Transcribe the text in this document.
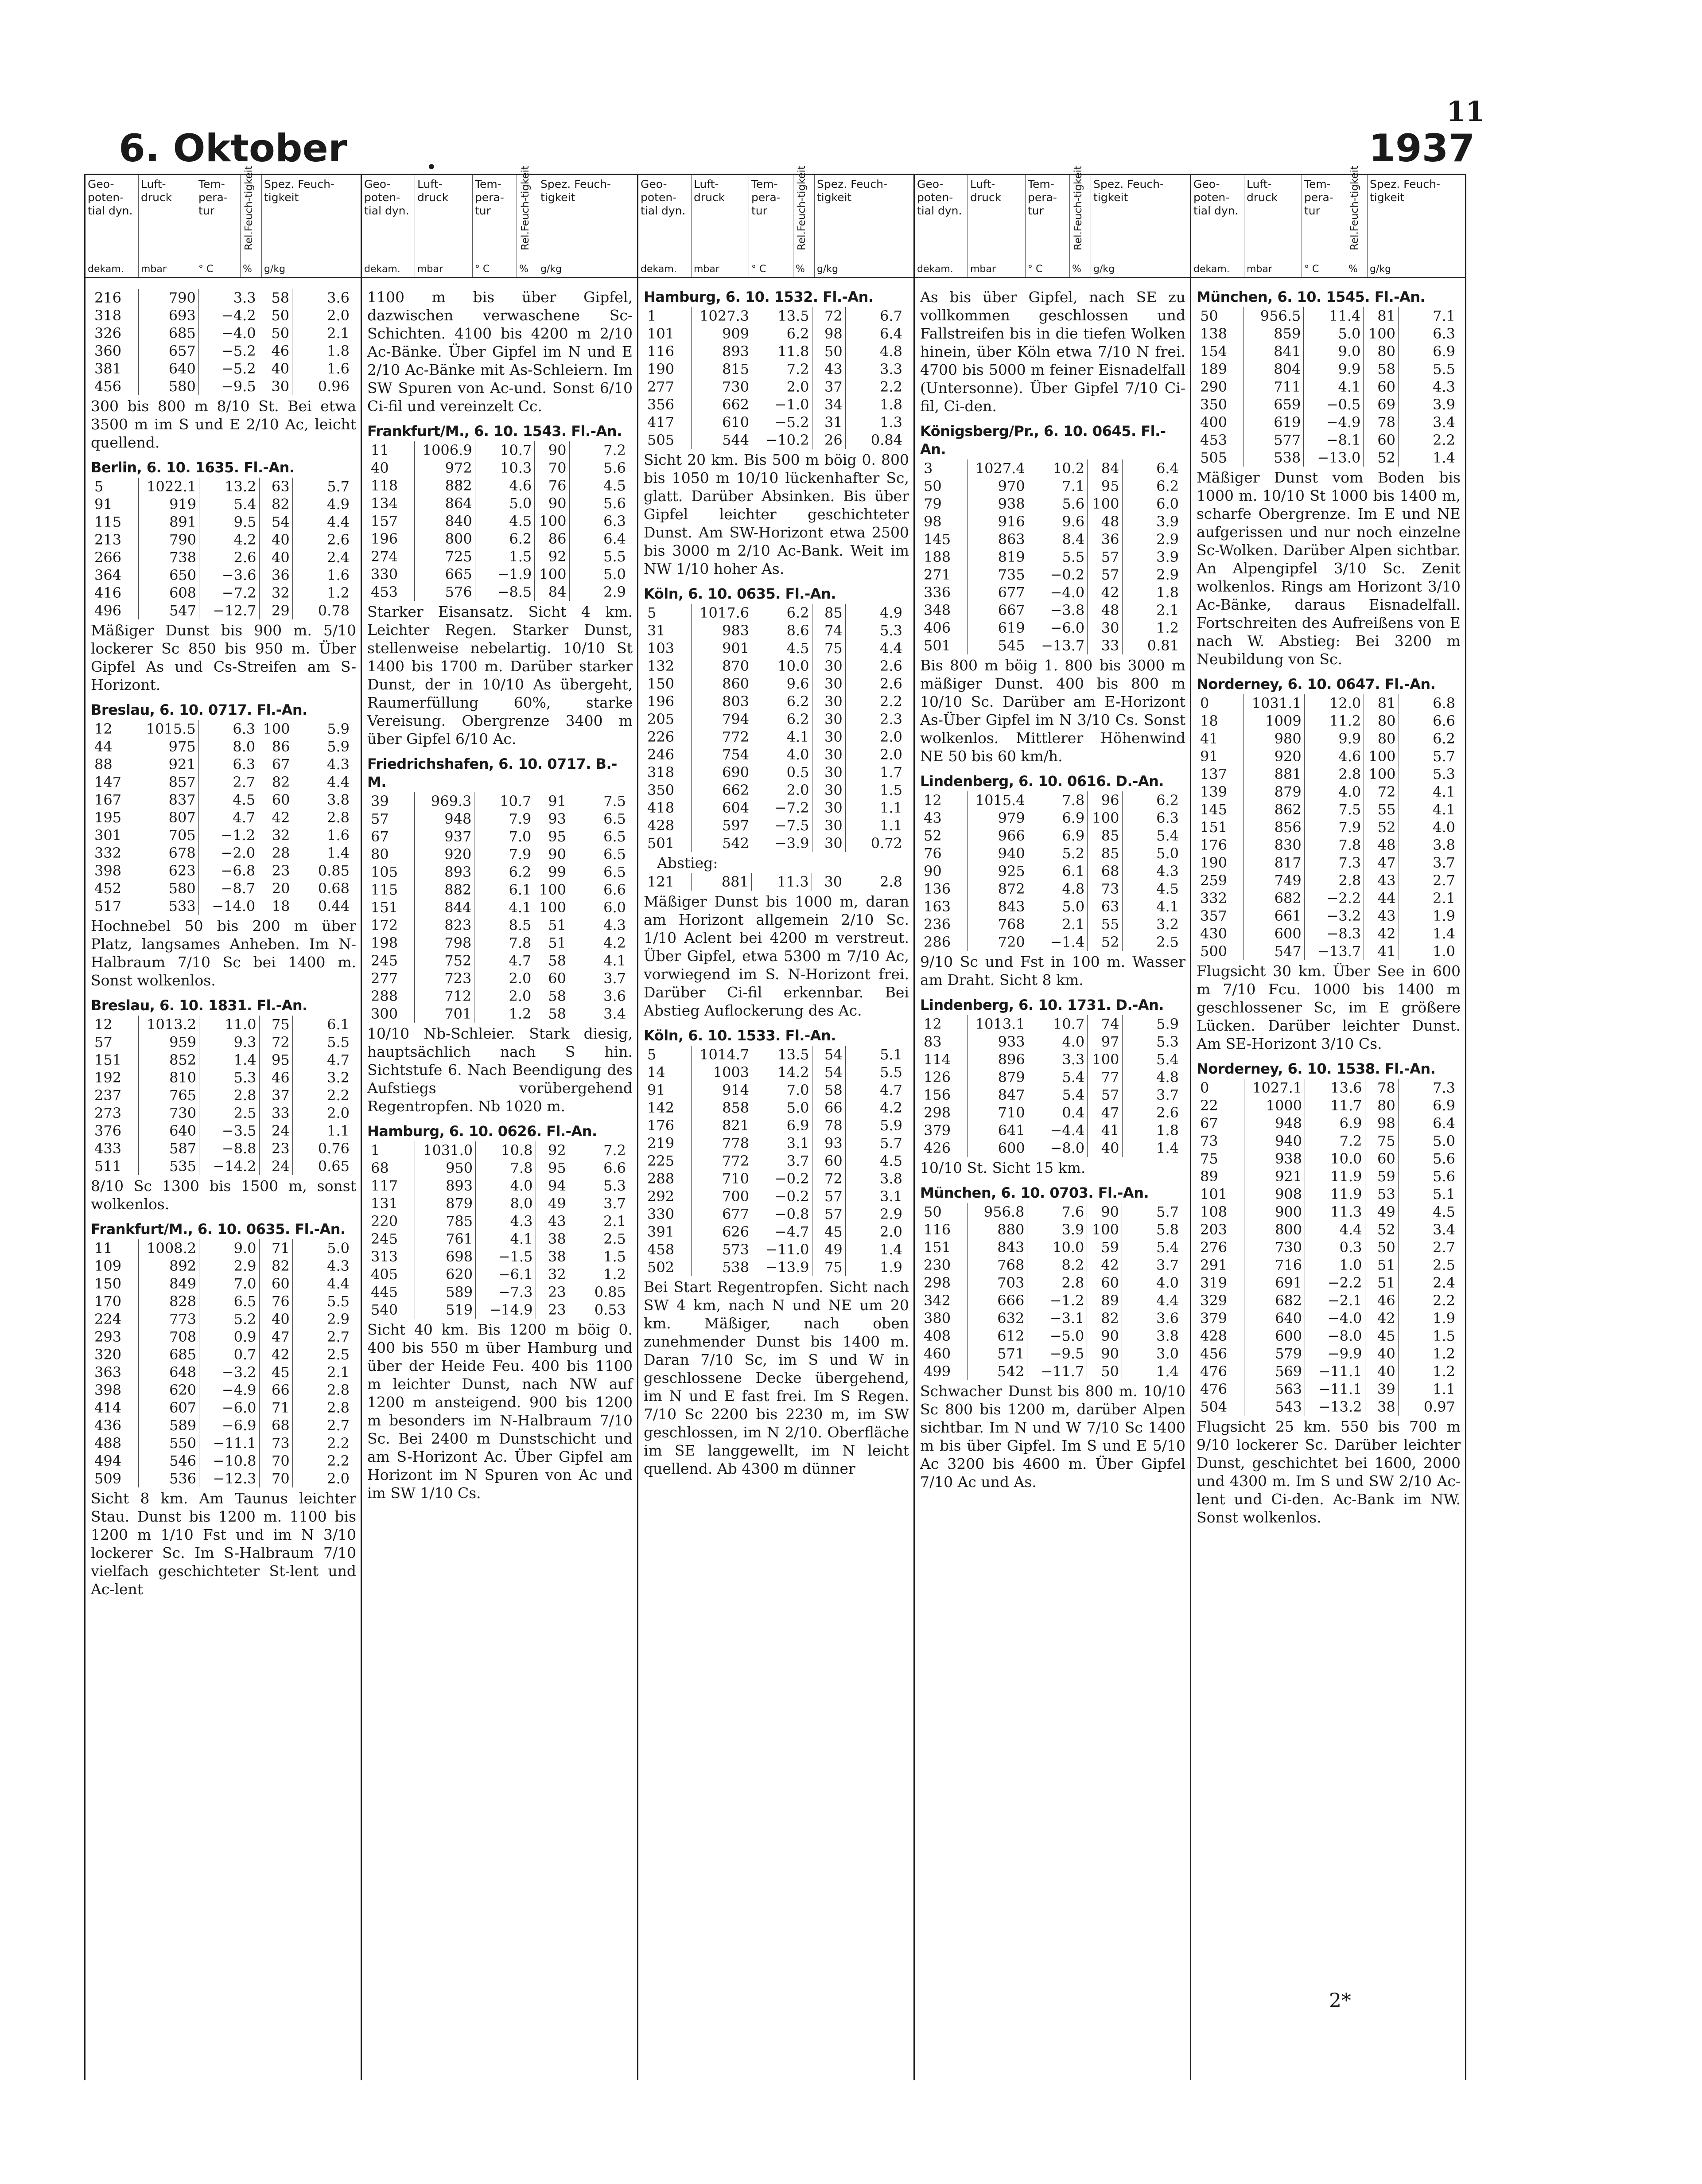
11
6. Oktober	•	1937
Geo-poten-tial dyn.
dekam.
Luft-druck
mbar
Tem-pera-tur
° C
Rel.Feuch-tigkeit
%
Spez. Feuch-tigkeit
g/kg
216	790	3.3	58	3.6
318	693	−4.2	50	2.0
326	685	−4.0	50	2.1
360	657	−5.2	46	1.8
381	640	−5.2	40	1.6
456	580	−9.5	30	0.96
300 bis 800 m 8/10 St. Bei etwa 3500 m im S und E 2/10 Ac, leicht quellend.
Berlin, 6. 10. 1635. Fl.-An.
5	1022.1	13.2	63	5.7
91	919	5.4	82	4.9
115	891	9.5	54	4.4
213	790	4.2	40	2.6
266	738	2.6	40	2.4
364	650	−3.6	36	1.6
416	608	−7.2	32	1.2
496	547	−12.7	29	0.78
Mäßiger Dunst bis 900 m. 5/10 lockerer Sc 850 bis 950 m. Über Gipfel As und Cs-Streifen am S-Horizont.
Breslau, 6. 10. 0717. Fl.-An.
12	1015.5	6.3	100	5.9
44	975	8.0	86	5.9
88	921	6.3	67	4.3
147	857	2.7	82	4.4
167	837	4.5	60	3.8
195	807	4.7	42	2.8
301	705	−1.2	32	1.6
332	678	−2.0	28	1.4
398	623	−6.8	23	0.85
452	580	−8.7	20	0.68
517	533	−14.0	18	0.44
Hochnebel 50 bis 200 m über Platz, langsames Anheben. Im N-Halbraum 7/10 Sc bei 1400 m. Sonst wolkenlos.
Breslau, 6. 10. 1831. Fl.-An.
12	1013.2	11.0	75	6.1
57	959	9.3	72	5.5
151	852	1.4	95	4.7
192	810	5.3	46	3.2
237	765	2.8	37	2.2
273	730	2.5	33	2.0
376	640	−3.5	24	1.1
433	587	−8.8	23	0.76
511	535	−14.2	24	0.65
8/10 Sc 1300 bis 1500 m, sonst wolkenlos.
Frankfurt/M., 6. 10. 0635. Fl.-An.
11	1008.2	9.0	71	5.0
109	892	2.9	82	4.3
150	849	7.0	60	4.4
170	828	6.5	76	5.5
224	773	5.2	40	2.9
293	708	0.9	47	2.7
320	685	0.7	42	2.5
363	648	−3.2	45	2.1
398	620	−4.9	66	2.8
414	607	−6.0	71	2.8
436	589	−6.9	68	2.7
488	550	−11.1	73	2.2
494	546	−10.8	70	2.2
509	536	−12.3	70	2.0
Sicht 8 km. Am Taunus leichter Stau. Dunst bis 1200 m. 1100 bis 1200 m 1/10 Fst und im N 3/10 lockerer Sc. Im S-Halbraum 7/10 vielfach geschichteter St-lent und Ac-lent
Geo-poten-tial dyn.
dekam.
Luft-druck
mbar
Tem-pera-tur
° C
Rel.Feuch-tigkeit
%
Spez. Feuch-tigkeit
g/kg
1100 m bis über Gipfel, dazwischen verwaschene Sc-Schichten. 4100 bis 4200 m 2/10 Ac-Bänke. Über Gipfel im N und E 2/10 Ac-Bänke mit As-Schleiern. Im SW Spuren von Ac-und. Sonst 6/10 Ci-fil und vereinzelt Cc.
Frankfurt/M., 6. 10. 1543. Fl.-An.
11	1006.9	10.7	90	7.2
40	972	10.3	70	5.6
118	882	4.6	76	4.5
134	864	5.0	90	5.6
157	840	4.5	100	6.3
196	800	6.2	86	6.4
274	725	1.5	92	5.5
330	665	−1.9	100	5.0
453	576	−8.5	84	2.9
Starker Eisansatz. Sicht 4 km. Leichter Regen. Starker Dunst, stellenweise nebelartig. 10/10 St 1400 bis 1700 m. Darüber starker Dunst, der in 10/10 As übergeht, Raumerfüllung 60%, starke Vereisung. Obergrenze 3400 m über Gipfel 6/10 Ac.
Friedrichshafen, 6. 10. 0717. B.-M.
39	969.3	10.7	91	7.5
57	948	7.9	93	6.5
67	937	7.0	95	6.5
80	920	7.9	90	6.5
105	893	6.2	99	6.5
115	882	6.1	100	6.6
151	844	4.1	100	6.0
172	823	8.5	51	4.3
198	798	7.8	51	4.2
245	752	4.7	58	4.1
277	723	2.0	60	3.7
288	712	2.0	58	3.6
300	701	1.2	58	3.4
10/10 Nb-Schleier. Stark diesig, hauptsächlich nach S hin. Sichtstufe 6. Nach Beendigung des Aufstiegs vorübergehend Regentropfen. Nb 1020 m.
Hamburg, 6. 10. 0626. Fl.-An.
1	1031.0	10.8	92	7.2
68	950	7.8	95	6.6
117	893	4.0	94	5.3
131	879	8.0	49	3.7
220	785	4.3	43	2.1
245	761	4.1	38	2.5
313	698	−1.5	38	1.5
405	620	−6.1	32	1.2
445	589	−7.3	23	0.85
540	519	−14.9	23	0.53
Sicht 40 km. Bis 1200 m böig 0. 400 bis 550 m über Hamburg und über der Heide Feu. 400 bis 1100 m leichter Dunst, nach NW auf 1200 m ansteigend. 900 bis 1200 m besonders im N-Halbraum 7/10 Sc. Bei 2400 m Dunstschicht und am S-Horizont Ac. Über Gipfel am Horizont im N Spuren von Ac und im SW 1/10 Cs.
Geo-poten-tial dyn.
dekam.
Luft-druck
mbar
Tem-pera-tur
° C
Rel.Feuch-tigkeit
%
Spez. Feuch-tigkeit
g/kg
Hamburg, 6. 10. 1532. Fl.-An.
1	1027.3	13.5	72	6.7
101	909	6.2	98	6.4
116	893	11.8	50	4.8
190	815	7.2	43	3.3
277	730	2.0	37	2.2
356	662	−1.0	34	1.8
417	610	−5.2	31	1.3
505	544	−10.2	26	0.84
Sicht 20 km. Bis 500 m böig 0. 800 bis 1050 m 10/10 lückenhafter Sc, glatt. Darüber Absinken. Bis über Gipfel leichter geschichteter Dunst. Am SW-Horizont etwa 2500 bis 3000 m 2/10 Ac-Bank. Weit im NW 1/10 hoher As.
Köln, 6. 10. 0635. Fl.-An.
5	1017.6	6.2	85	4.9
31	983	8.6	74	5.3
103	901	4.5	75	4.4
132	870	10.0	30	2.6
150	860	9.6	30	2.6
196	803	6.2	30	2.2
205	794	6.2	30	2.3
226	772	4.1	30	2.0
246	754	4.0	30	2.0
318	690	0.5	30	1.7
350	662	2.0	30	1.5
418	604	−7.2	30	1.1
428	597	−7.5	30	1.1
501	542	−3.9	30	0.72
Abstieg:
121	881	11.3	30	2.8
Mäßiger Dunst bis 1000 m, daran am Horizont allgemein 2/10 Sc. 1/10 Aclent bei 4200 m verstreut. Über Gipfel, etwa 5300 m 7/10 Ac, vorwiegend im S. N-Horizont frei. Darüber Ci-fil erkennbar. Bei Abstieg Auflockerung des Ac.
Köln, 6. 10. 1533. Fl.-An.
5	1014.7	13.5	54	5.1
14	1003	14.2	54	5.5
91	914	7.0	58	4.7
142	858	5.0	66	4.2
176	821	6.9	78	5.9
219	778	3.1	93	5.7
225	772	3.7	60	4.5
288	710	−0.2	72	3.8
292	700	−0.2	57	3.1
330	677	−0.8	57	2.9
391	626	−4.7	45	2.0
458	573	−11.0	49	1.4
502	538	−13.9	75	1.9
Bei Start Regentropfen. Sicht nach SW 4 km, nach N und NE um 20 km. Mäßiger, nach oben zunehmender Dunst bis 1400 m. Daran 7/10 Sc, im S und W in geschlossene Decke übergehend, im N und E fast frei. Im S Regen. 7/10 Sc 2200 bis 2230 m, im SW geschlossen, im N 2/10. Oberfläche im SE langgewellt, im N leicht quellend. Ab 4300 m dünner
Geo-poten-tial dyn.
dekam.
Luft-druck
mbar
Tem-pera-tur
° C
Rel.Feuch-tigkeit
%
Spez. Feuch-tigkeit
g/kg
As bis über Gipfel, nach SE zu vollkommen geschlossen und Fallstreifen bis in die tiefen Wolken hinein, über Köln etwa 7/10 N frei. 4700 bis 5000 m feiner Eisnadelfall (Untersonne). Über Gipfel 7/10 Ci-fil, Ci-den.
Königsberg/Pr., 6. 10. 0645. Fl.-An.
3	1027.4	10.2	84	6.4
50	970	7.1	95	6.2
79	938	5.6	100	6.0
98	916	9.6	48	3.9
145	863	8.4	36	2.9
188	819	5.5	57	3.9
271	735	−0.2	57	2.9
336	677	−4.0	42	1.8
348	667	−3.8	48	2.1
406	619	−6.0	30	1.2
501	545	−13.7	33	0.81
Bis 800 m böig 1. 800 bis 3000 m mäßiger Dunst. 400 bis 800 m 10/10 Sc. Darüber am E-Horizont As-Über Gipfel im N 3/10 Cs. Sonst wolkenlos. Mittlerer Höhenwind NE 50 bis 60 km/h.
Lindenberg, 6. 10. 0616. D.-An.
12	1015.4	7.8	96	6.2
43	979	6.9	100	6.3
52	966	6.9	85	5.4
76	940	5.2	85	5.0
90	925	6.1	68	4.3
136	872	4.8	73	4.5
163	843	5.0	63	4.1
236	768	2.1	55	3.2
286	720	−1.4	52	2.5
9/10 Sc und Fst in 100 m. Wasser am Draht. Sicht 8 km.
Lindenberg, 6. 10. 1731. D.-An.
12	1013.1	10.7	74	5.9
83	933	4.0	97	5.3
114	896	3.3	100	5.4
126	879	5.4	77	4.8
156	847	5.4	57	3.7
298	710	0.4	47	2.6
379	641	−4.4	41	1.8
426	600	−8.0	40	1.4
10/10 St. Sicht 15 km.
München, 6. 10. 0703. Fl.-An.
50	956.8	7.6	90	5.7
116	880	3.9	100	5.8
151	843	10.0	59	5.4
230	768	8.2	42	3.7
298	703	2.8	60	4.0
342	666	−1.2	89	4.4
380	632	−3.1	82	3.6
408	612	−5.0	90	3.8
460	571	−9.5	90	3.0
499	542	−11.7	50	1.4
Schwacher Dunst bis 800 m. 10/10 Sc 800 bis 1200 m, darüber Alpen sichtbar. Im N und W 7/10 Sc 1400 m bis über Gipfel. Im S und E 5/10 Ac 3200 bis 4600 m. Über Gipfel 7/10 Ac und As.
Geo-poten-tial dyn.
dekam.
Luft-druck
mbar
Tem-pera-tur
° C
Rel.Feuch-tigkeit
%
Spez. Feuch-tigkeit
g/kg
München, 6. 10. 1545. Fl.-An.
50	956.5	11.4	81	7.1
138	859	5.0	100	6.3
154	841	9.0	80	6.9
189	804	9.9	58	5.5
290	711	4.1	60	4.3
350	659	−0.5	69	3.9
400	619	−4.9	78	3.4
453	577	−8.1	60	2.2
505	538	−13.0	52	1.4
Mäßiger Dunst vom Boden bis 1000 m. 10/10 St 1000 bis 1400 m, scharfe Obergrenze. Im E und NE aufgerissen und nur noch einzelne Sc-Wolken. Darüber Alpen sichtbar. An Alpengipfel 3/10 Sc. Zenit wolkenlos. Rings am Horizont 3/10 Ac-Bänke, daraus Eisnadelfall. Fortschreiten des Aufreißens von E nach W. Abstieg: Bei 3200 m Neubildung von Sc.
Norderney, 6. 10. 0647. Fl.-An.
0	1031.1	12.0	81	6.8
18	1009	11.2	80	6.6
41	980	9.9	80	6.2
91	920	4.6	100	5.7
137	881	2.8	100	5.3
139	879	4.0	72	4.1
145	862	7.5	55	4.1
151	856	7.9	52	4.0
176	830	7.8	48	3.8
190	817	7.3	47	3.7
259	749	2.8	43	2.7
332	682	−2.2	44	2.1
357	661	−3.2	43	1.9
430	600	−8.3	42	1.4
500	547	−13.7	41	1.0
Flugsicht 30 km. Über See in 600 m 7/10 Fcu. 1000 bis 1400 m geschlossener Sc, im E größere Lücken. Darüber leichter Dunst. Am SE-Horizont 3/10 Cs.
Norderney, 6. 10. 1538. Fl.-An.
0	1027.1	13.6	78	7.3
22	1000	11.7	80	6.9
67	948	6.9	98	6.4
73	940	7.2	75	5.0
75	938	10.0	60	5.6
89	921	11.9	59	5.6
101	908	11.9	53	5.1
108	900	11.3	49	4.5
203	800	4.4	52	3.4
276	730	0.3	50	2.7
291	716	1.0	51	2.5
319	691	−2.2	51	2.4
329	682	−2.1	46	2.2
379	640	−4.0	42	1.9
428	600	−8.0	45	1.5
456	579	−9.9	40	1.2
476	569	−11.1	40	1.2
476	563	−11.1	39	1.1
504	543	−13.2	38	0.97
Flugsicht 25 km. 550 bis 700 m 9/10 lockerer Sc. Darüber leichter Dunst, geschichtet bei 1600, 2000 und 4300 m. Im S und SW 2/10 Ac-lent und Ci-den. Ac-Bank im NW. Sonst wolkenlos.
2*
